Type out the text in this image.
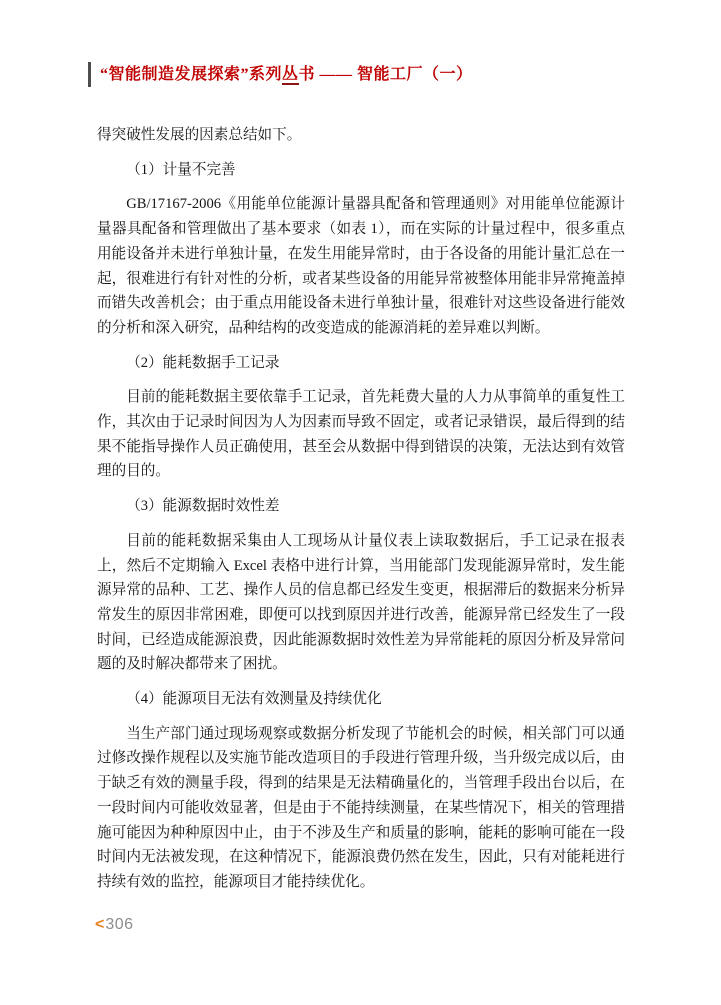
“智能制造发展探索”系列丛书 —— 智能工厂（一）

得突破性发展的因素总结如下。

（1）计量不完善

GB/17167-2006《用能单位能源计量器具配备和管理通则》对用能单位能源计量器具配备和管理做出了基本要求（如表 1），而在实际的计量过程中，很多重点用能设备并未进行单独计量，在发生用能异常时，由于各设备的用能计量汇总在一起，很难进行有针对性的分析，或者某些设备的用能异常被整体用能非异常掩盖掉而错失改善机会；由于重点用能设备未进行单独计量，很难针对这些设备进行能效的分析和深入研究，品种结构的改变造成的能源消耗的差异难以判断。

（2）能耗数据手工记录

目前的能耗数据主要依靠手工记录，首先耗费大量的人力从事简单的重复性工作，其次由于记录时间因为人为因素而导致不固定，或者记录错误，最后得到的结果不能指导操作人员正确使用，甚至会从数据中得到错误的决策，无法达到有效管理的目的。

（3）能源数据时效性差

目前的能耗数据采集由人工现场从计量仪表上读取数据后，手工记录在报表上，然后不定期输入 Excel 表格中进行计算，当用能部门发现能源异常时，发生能源异常的品种、工艺、操作人员的信息都已经发生变更，根据滞后的数据来分析异常发生的原因非常困难，即便可以找到原因并进行改善，能源异常已经发生了一段时间，已经造成能源浪费，因此能源数据时效性差为异常能耗的原因分析及异常问题的及时解决都带来了困扰。

（4）能源项目无法有效测量及持续优化

当生产部门通过现场观察或数据分析发现了节能机会的时候，相关部门可以通过修改操作规程以及实施节能改造项目的手段进行管理升级，当升级完成以后，由于缺乏有效的测量手段，得到的结果是无法精确量化的，当管理手段出台以后，在一段时间内可能收效显著，但是由于不能持续测量，在某些情况下，相关的管理措施可能因为种种原因中止，由于不涉及生产和质量的影响，能耗的影响可能在一段时间内无法被发现，在这种情况下，能源浪费仍然在发生，因此，只有对能耗进行持续有效的监控，能源项目才能持续优化。

<306
